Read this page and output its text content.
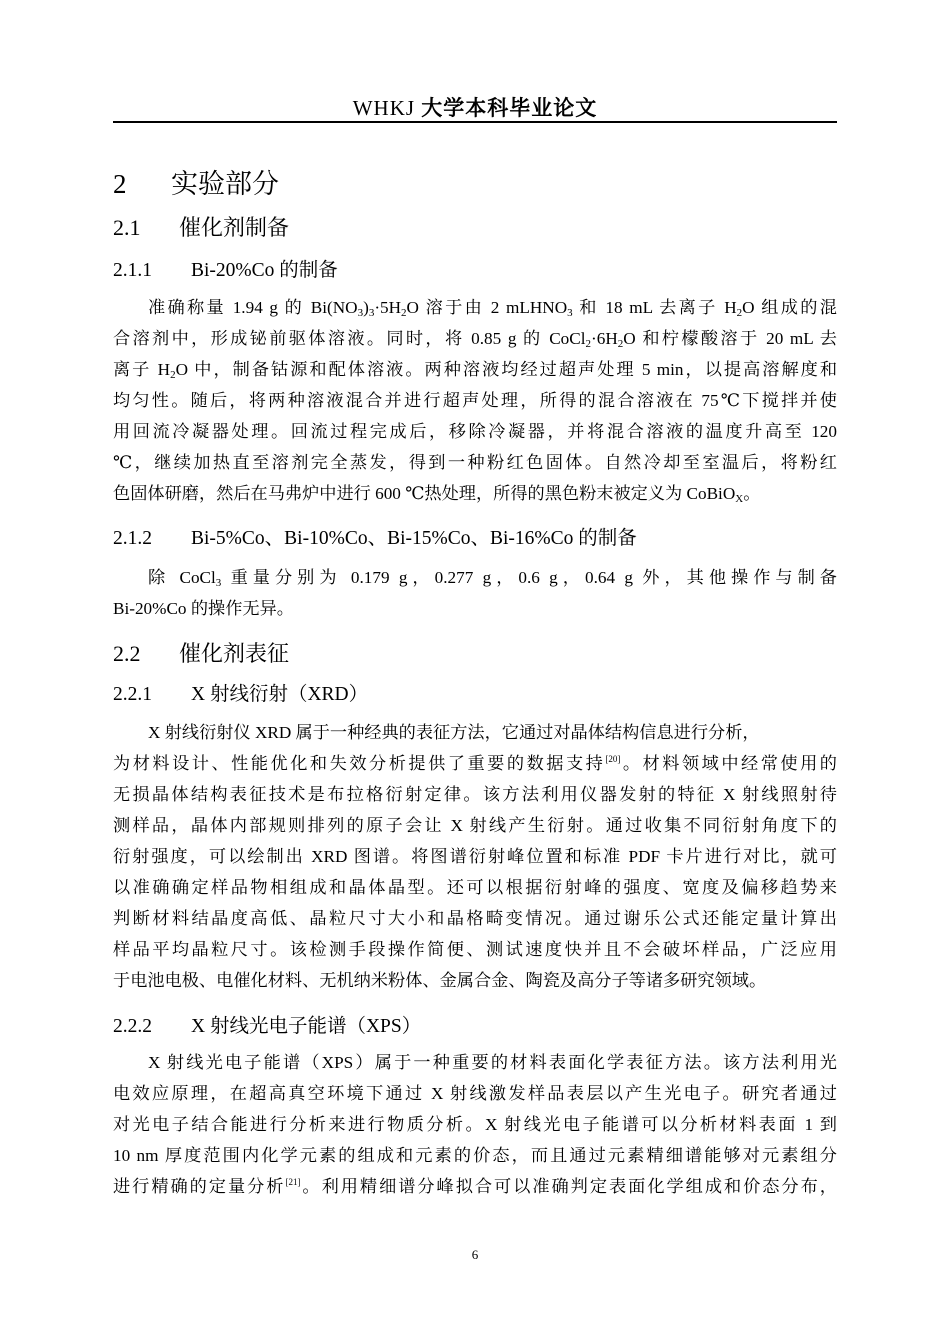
WHKJ 大学本科毕业论文
2 实验部分
2.1 催化剂制备
2.1.1 Bi-20%Co 的制备
准确称量 1.94 g 的 $Bi(NO_3)_3\cdot 5H_2O$ 溶于由 2 mLHNO$_3$ 和 18 mL 去离子 $H_2O$ 组成的混
合溶剂中，形成铋前驱体溶液。同时，将 0.85 g 的 $CoCl_2\cdot 6H_2O$ 和柠檬酸溶于 20 mL 去
离子 $H_2O$ 中，制备钴源和配体溶液。两种溶液均经过超声处理 5 min，以提高溶解度和
均匀性。随后，将两种溶液混合并进行超声处理，所得的混合溶液在 75℃下搅拌并使
用回流冷凝器处理。回流过程完成后，移除冷凝器，并将混合溶液的温度升高至 120
℃，继续加热直至溶剂完全蒸发，得到一种粉红色固体。自然冷却至室温后，将粉红
色固体研磨，然后在马弗炉中进行 600 ℃热处理，所得的黑色粉末被定义为 CoBiO$_X$。
2.1.2 Bi-5%Co、Bi-10%Co、Bi-15%Co、Bi-16%Co 的制备
除 CoCl$_3$ 重量分别为 0.179 g，0.277 g，0.6 g，0.64 g 外，其他操作与制备
Bi-20%Co 的操作无异。
2.2 催化剂表征
2.2.1 X 射线衍射（XRD）
X 射线衍射仪 XRD 属于一种经典的表征方法，它通过对晶体结构信息进行分析，
为材料设计、性能优化和失效分析提供了重要的数据支持[20]。材料领域中经常使用的
无损晶体结构表征技术是布拉格衍射定律。该方法利用仪器发射的特征 X 射线照射待
测样品，晶体内部规则排列的原子会让 X 射线产生衍射。通过收集不同衍射角度下的
衍射强度，可以绘制出 XRD 图谱。将图谱衍射峰位置和标准 PDF 卡片进行对比，就可
以准确确定样品物相组成和晶体晶型。还可以根据衍射峰的强度、宽度及偏移趋势来
判断材料结晶度高低、晶粒尺寸大小和晶格畸变情况。通过谢乐公式还能定量计算出
样品平均晶粒尺寸。该检测手段操作简便、测试速度快并且不会破坏样品，广泛应用
于电池电极、电催化材料、无机纳米粉体、金属合金、陶瓷及高分子等诸多研究领域。
2.2.2 X 射线光电子能谱（XPS）
X 射线光电子能谱（XPS）属于一种重要的材料表面化学表征方法。该方法利用光
电效应原理，在超高真空环境下通过 X 射线激发样品表层以产生光电子。研究者通过
对光电子结合能进行分析来进行物质分析。X 射线光电子能谱可以分析材料表面 1 到
10 nm 厚度范围内化学元素的组成和元素的价态，而且通过元素精细谱能够对元素组分
进行精确的定量分析[21]。利用精细谱分峰拟合可以准确判定表面化学组成和价态分布，
6
